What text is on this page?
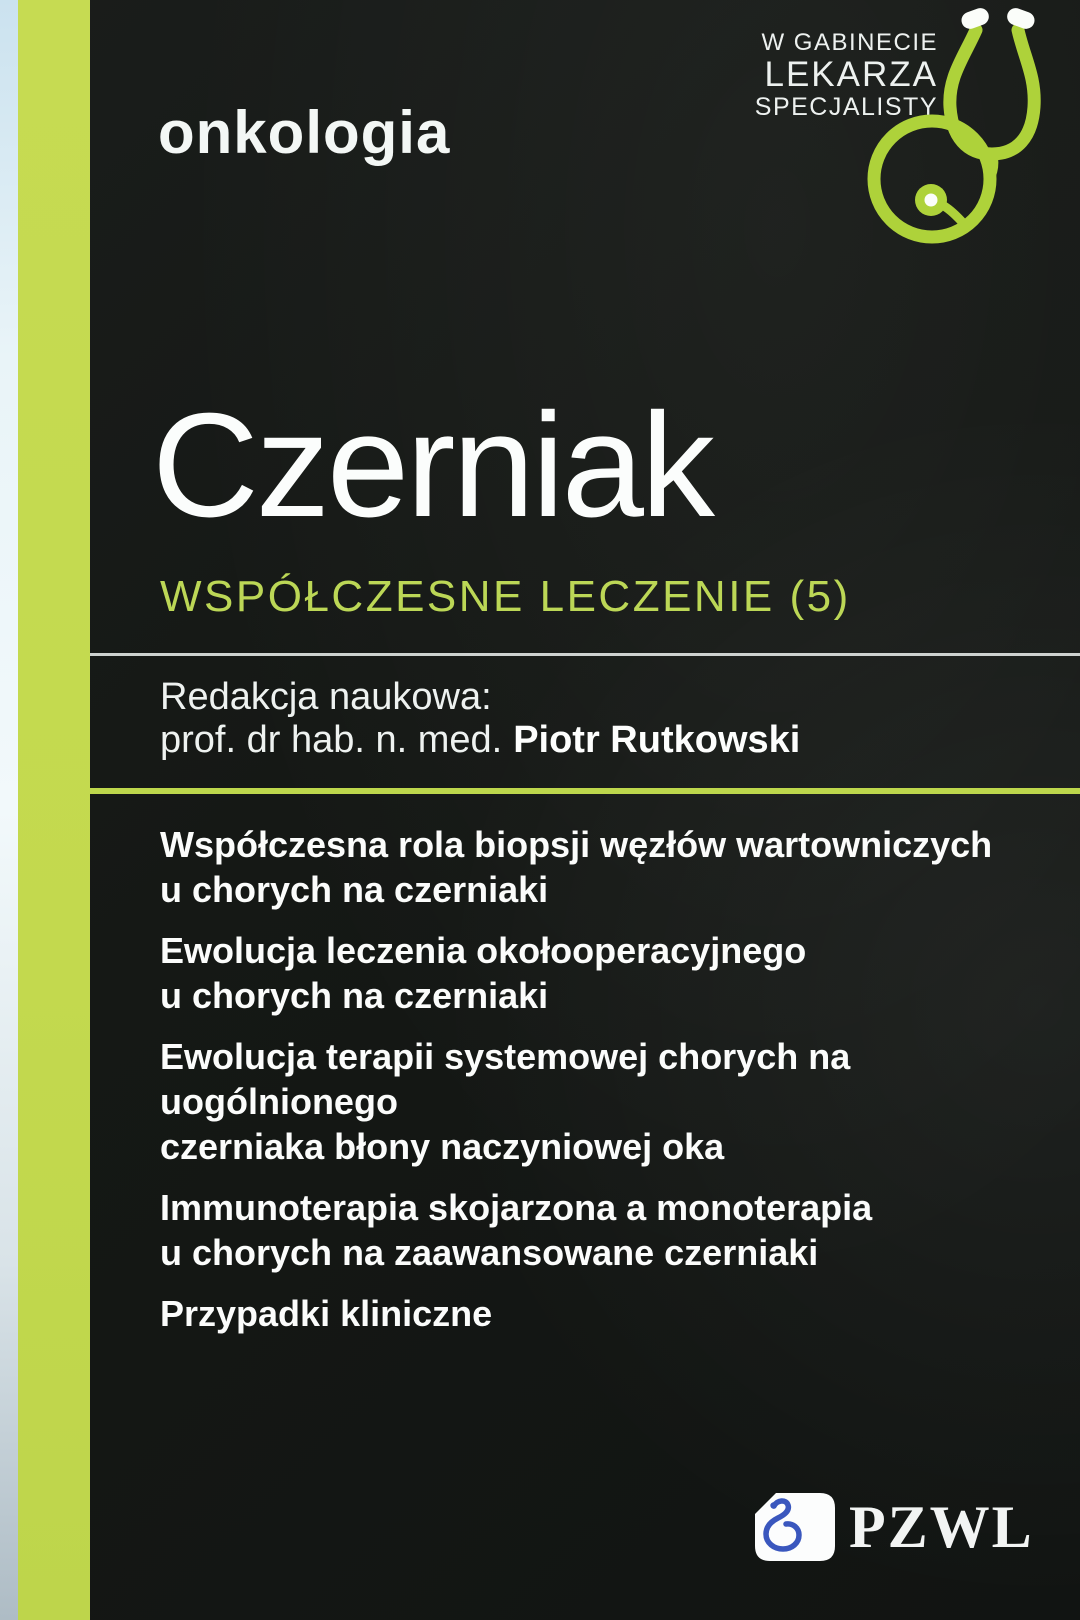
onkologia
W GABINECIE
LEKARZA
SPECJALISTY
Czerniak
WSPÓŁCZESNE LECZENIE (5)
Redakcja naukowa:
prof. dr hab. n. med. Piotr Rutkowski
Współczesna rola biopsji węzłów wartowniczych
u chorych na czerniaki
Ewolucja leczenia okołooperacyjnego
u chorych na czerniaki
Ewolucja terapii systemowej chorych na uogólnionego
czerniaka błony naczyniowej oka
Immunoterapia skojarzona a monoterapia
u chorych na zaawansowane czerniaki
Przypadki kliniczne
PZWL
